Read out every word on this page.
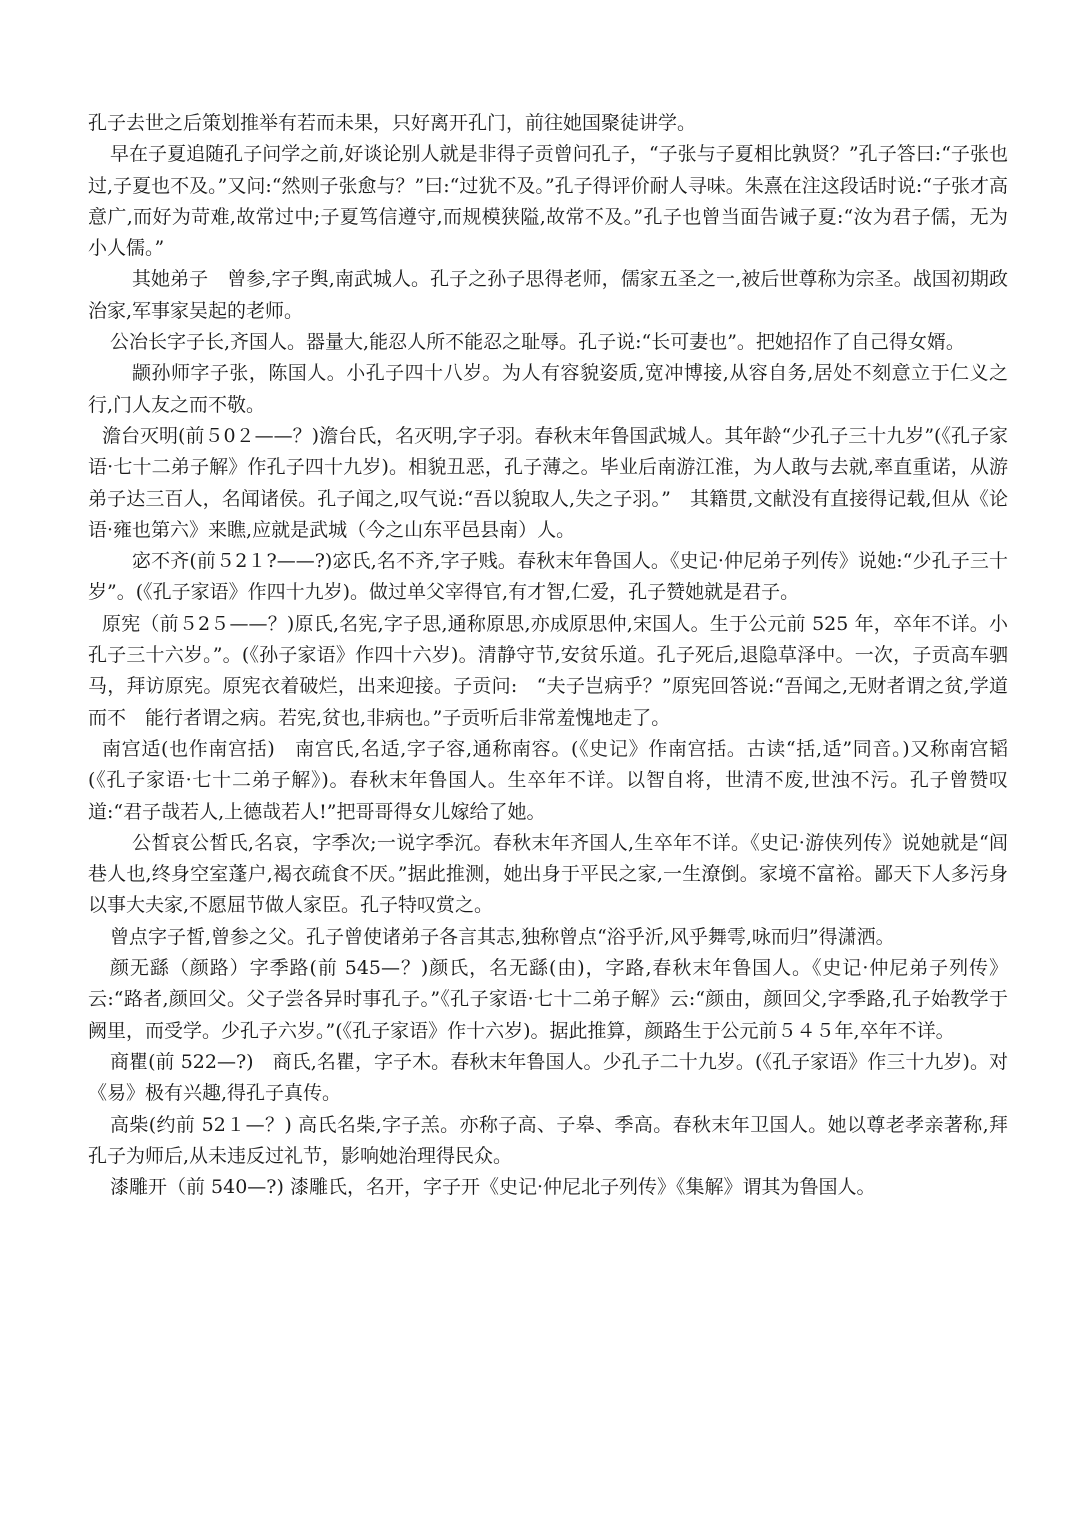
孔子去世之后策划推举有若而未果，只好离开孔门，前往她国聚徒讲学。

早在子夏追随孔子问学之前,好谈论别人就是非得子贡曾问孔子，“子张与子夏相比孰贤？”孔子答曰:“子张也过,子夏也不及。”又问:“然则子张愈与？”曰:“过犹不及。”孔子得评价耐人寻味。朱熹在注这段话时说:“子张才高意广,而好为苛难,故常过中;子夏笃信遵守,而规模狭隘,故常不及。”孔子也曾当面告诫子夏:“汝为君子儒，无为小人儒。”

其她弟子　曾参,字子舆,南武城人。孔子之孙子思得老师，儒家五圣之一,被后世尊称为宗圣。战国初期政治家,军事家吴起的老师。

公冶长字子长,齐国人。器量大,能忍人所不能忍之耻辱。孔子说:“长可妻也”。把她招作了自己得女婿。

颛孙师字子张，陈国人。小孔子四十八岁。为人有容貌姿质,宽冲博接,从容自务,居处不刻意立于仁义之行,门人友之而不敬。

澹台灭明(前５0２——？)澹台氏，名灭明,字子羽。春秋末年鲁国武城人。其年龄“少孔子三十九岁”(《孔子家语·七十二弟子解》作孔子四十九岁)。相貌丑恶，孔子薄之。毕业后南游江淮，为人敢与去就,率直重诺，从游弟子达三百人，名闻诸侯。孔子闻之,叹气说:“吾以貌取人,失之子羽。”　其籍贯,文献没有直接得记载,但从《论语·雍也第六》来瞧,应就是武城（今之山东平邑县南）人。

宓不齐(前５2１?——?)宓氏,名不齐,字子贱。春秋末年鲁国人。《史记·仲尼弟子列传》说她:“少孔子三十岁”。(《孔子家语》作四十九岁)。做过单父宰得官,有才智,仁爱，孔子赞她就是君子。

原宪（前５2５——？)原氏,名宪,字子思,通称原思,亦成原思仲,宋国人。生于公元前 525 年，卒年不详。小孔子三十六岁。”。(《孙子家语》作四十六岁)。清静守节,安贫乐道。孔子死后,退隐草泽中。一次，子贡高车驷马，拜访原宪。原宪衣着破烂，出来迎接。子贡问:　“夫子岂病乎？”原宪回答说:“吾闻之,无财者谓之贫,学道而不　能行者谓之病。若宪,贫也,非病也。”子贡听后非常羞愧地走了。

南宫适(也作南宫括)　南宫氏,名适,字子容,通称南容。(《史记》作南宫括。古读“括,适”同音。)又称南宫韬(《孔子家语·七十二弟子解》)。春秋末年鲁国人。生卒年不详。以智自将，世清不废,世浊不污。孔子曾赞叹道:“君子哉若人,上德哉若人!”把哥哥得女儿嫁给了她。

公皙哀公皙氏,名哀，字季次;一说字季沉。春秋末年齐国人,生卒年不详。《史记·游侠列传》说她就是“闾巷人也,终身空室蓬户,褐衣疏食不厌。”据此推测，她出身于平民之家,一生潦倒。家境不富裕。鄙天下人多污身以事大夫家,不愿屈节做人家臣。孔子特叹赏之。

曾点字子皙,曾参之父。孔子曾使诸弟子各言其志,独称曾点“浴乎沂,风乎舞雩,咏而归”得潇洒。

颜无繇（颜路）字季路(前 545—？)颜氏，名无繇(由)，字路,春秋末年鲁国人。《史记·仲尼弟子列传》云:“路者,颜回父。父子尝各异时事孔子。”《孔子家语·七十二弟子解》云:“颜由，颜回父,字季路,孔子始教学于阙里，而受学。少孔子六岁。”(《孔子家语》作十六岁)。据此推算，颜路生于公元前５４５年,卒年不详。

商瞿(前 522—?)　商氏,名瞿，字子木。春秋末年鲁国人。少孔子二十九岁。(《孔子家语》作三十九岁)。对《易》极有兴趣,得孔子真传。

高柴(约前 52１—？) 高氏名柴,字子羔。亦称子高、子皋、季高。春秋末年卫国人。她以尊老孝亲著称,拜孔子为师后,从未违反过礼节，影响她治理得民众。

漆雕开（前 540—?) 漆雕氏，名开，字子开《史记·仲尼北子列传》《集解》谓其为鲁国人。
